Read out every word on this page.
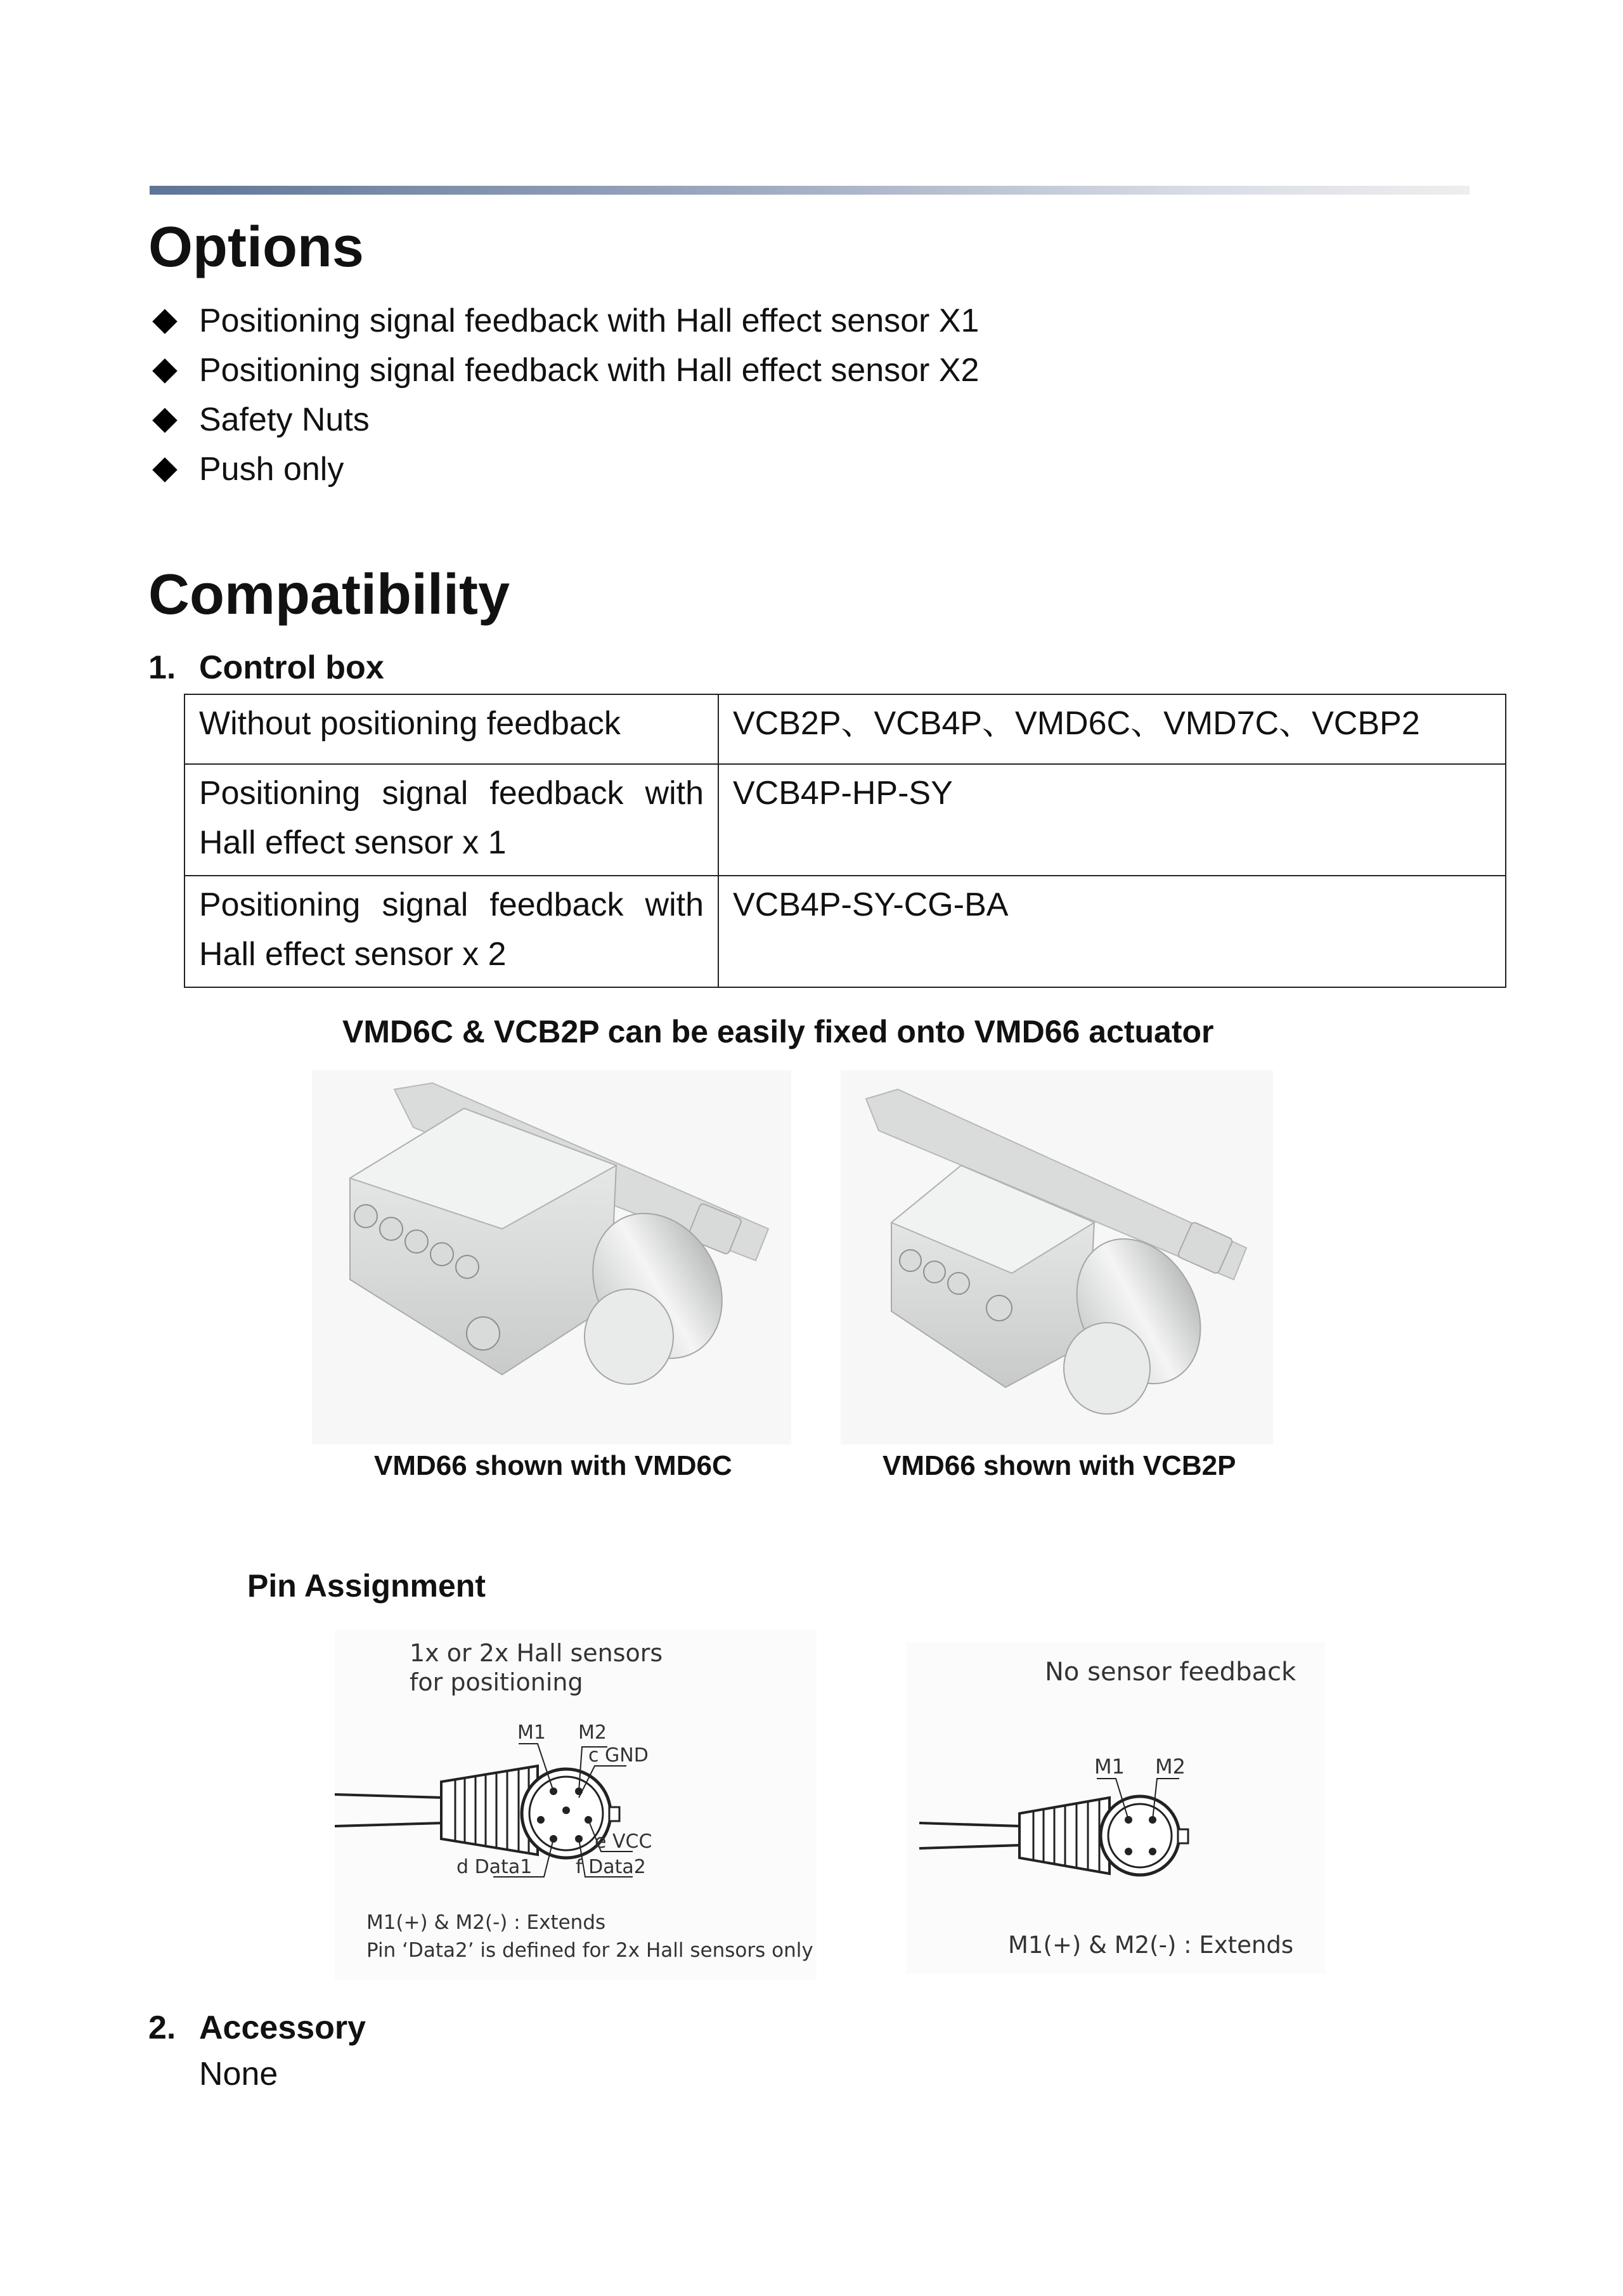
Options
Positioning signal feedback with Hall effect sensor X1
Positioning signal feedback with Hall effect sensor X2
Safety Nuts
Push only
Compatibility
1. Control box
Without positioning feedback	VCB2P、VCB4P、VMD6C、VMD7C、VCBP2
Positioning signal feedback with Hall effect sensor x 1	VCB4P-HP-SY
Positioning signal feedback with Hall effect sensor x 2	VCB4P-SY-CG-BA
VMD6C & VCB2P can be easily fixed onto VMD66 actuator
VMD66 shown with VMD6C	VMD66 shown with VCB2P
Pin Assignment
1x or 2x Hall sensors
for positioning
M1 M2
c GND
e VCC
d Data1 f Data2
M1(+) & M2(-) : Extends
Pin ‘Data2’ is defined for 2x Hall sensors only
No sensor feedback
M1 M2
M1(+) & M2(-) : Extends
2. Accessory
None
